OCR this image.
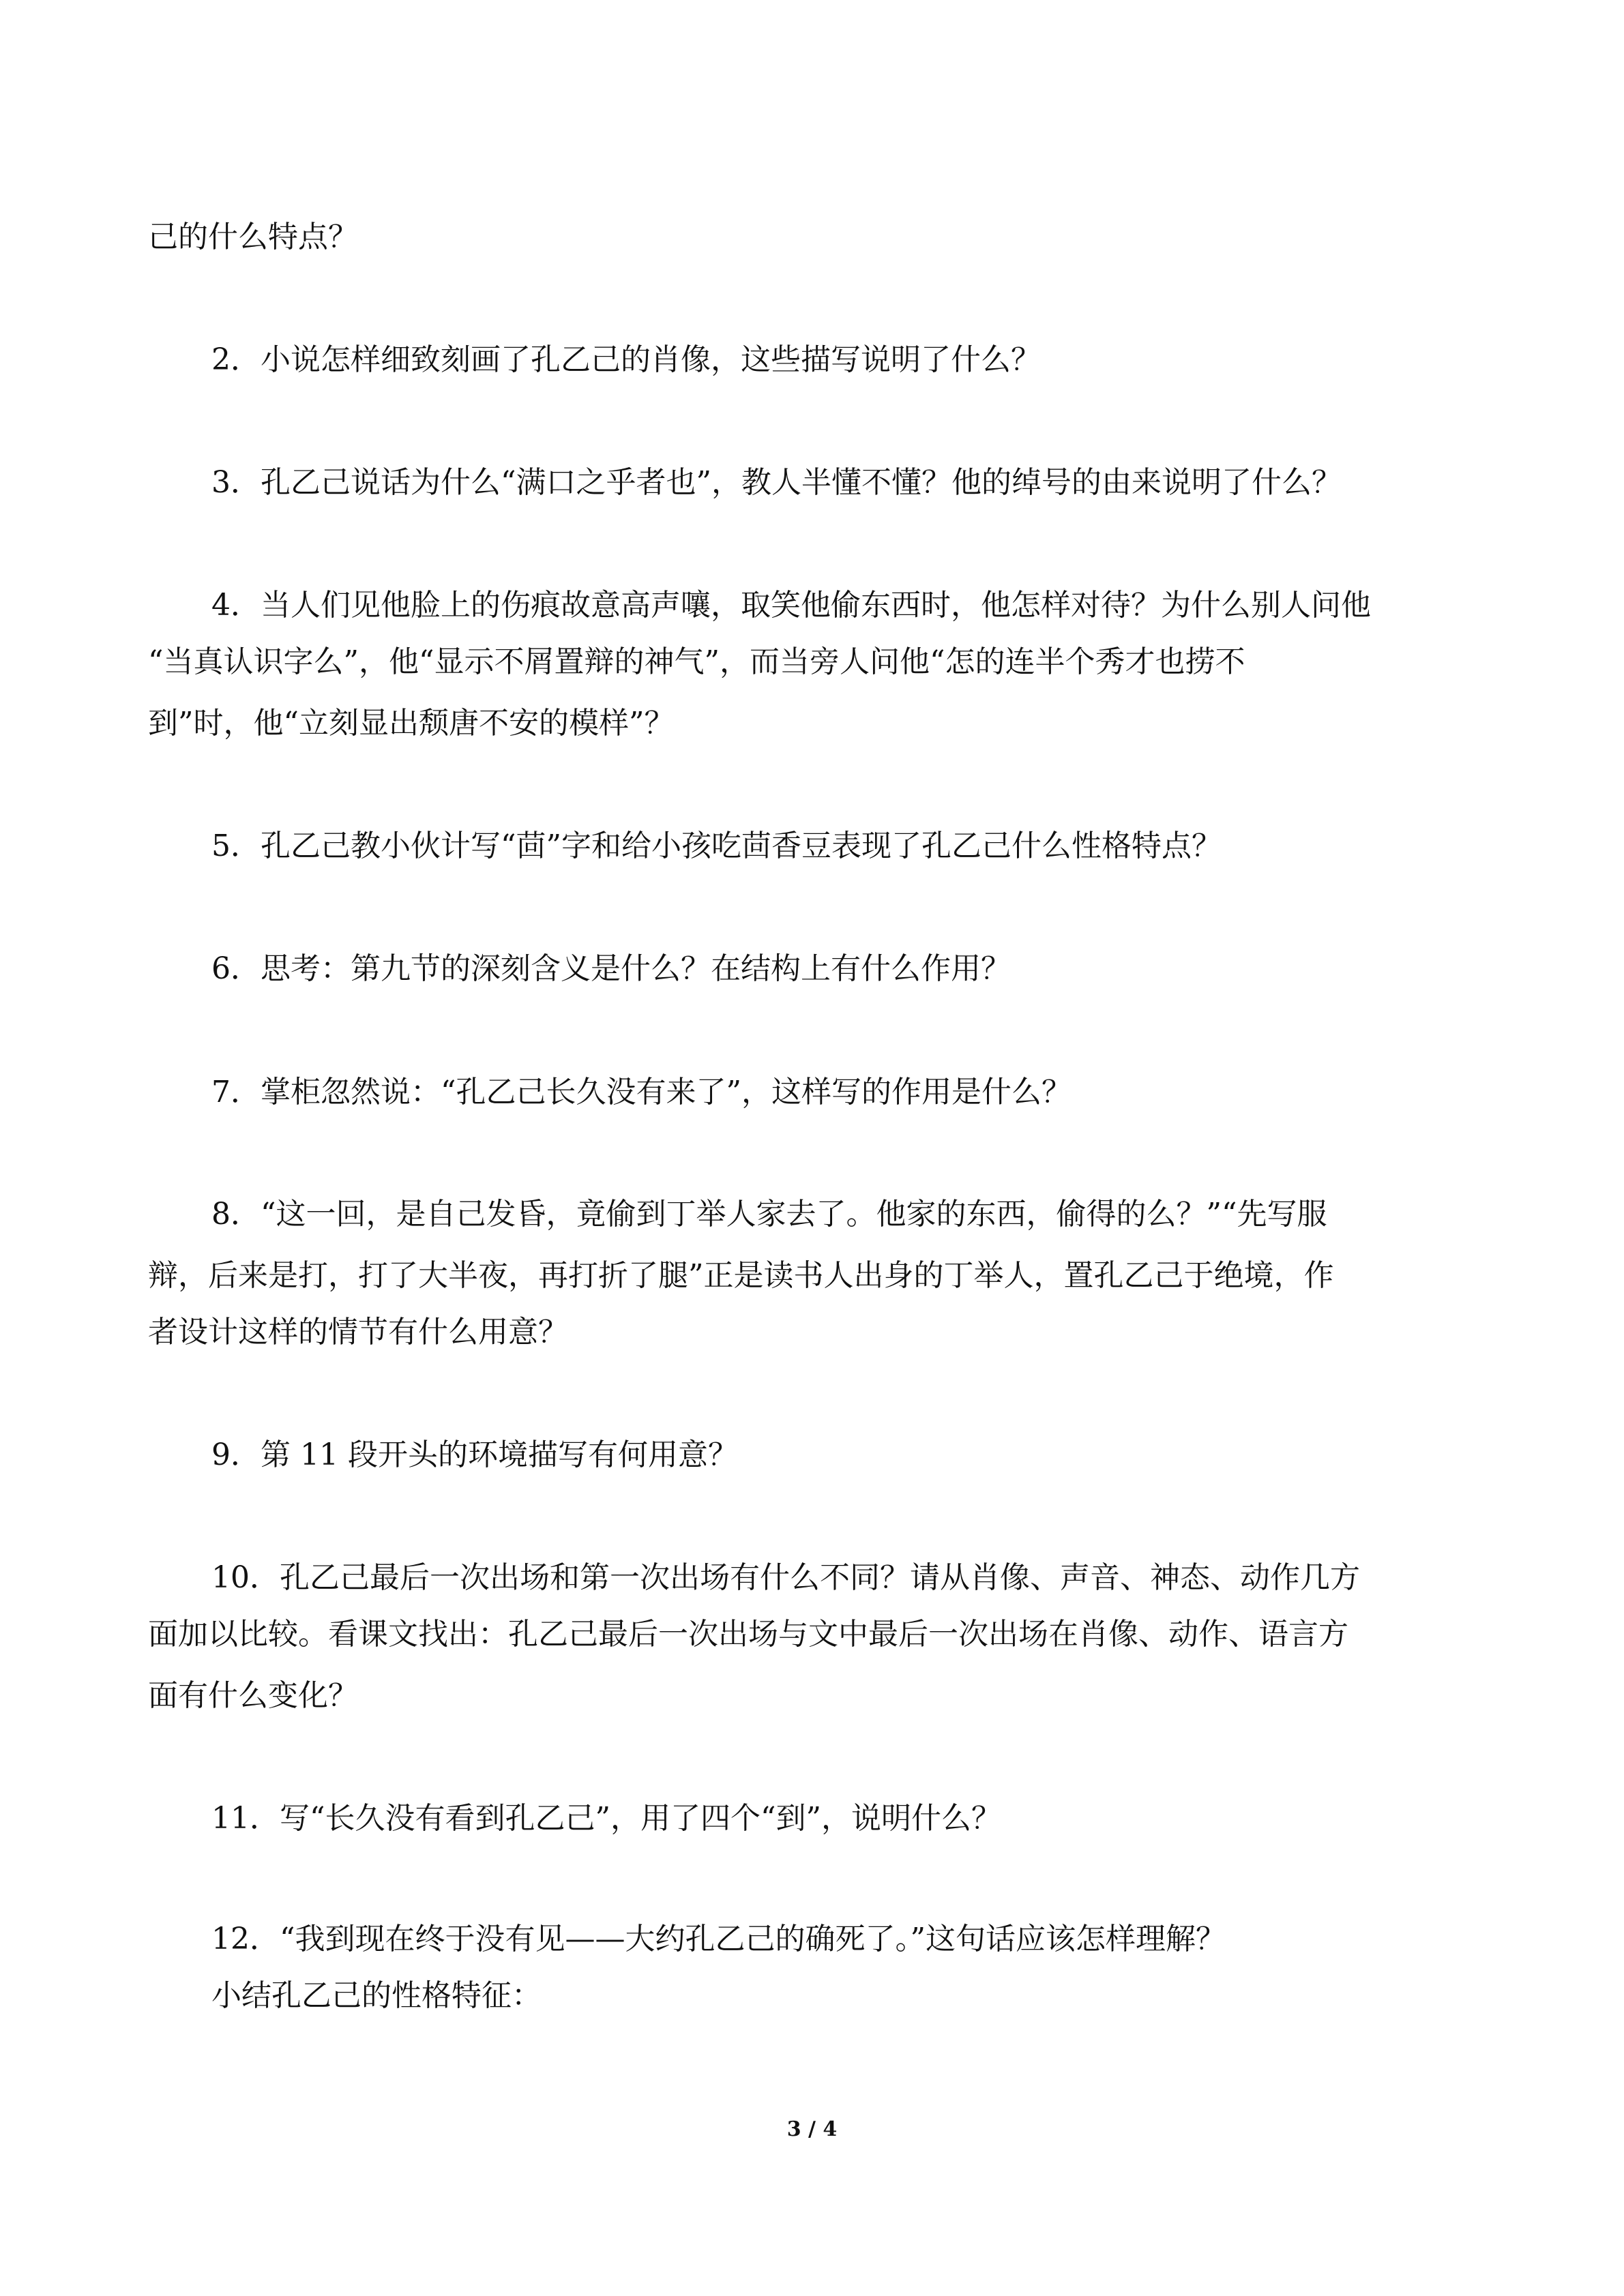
己的什么特点？

2．小说怎样细致刻画了孔乙己的肖像，这些描写说明了什么？

3．孔乙己说话为什么“满口之乎者也”，教人半懂不懂？他的绰号的由来说明了什么？

4．当人们见他脸上的伤痕故意高声嚷，取笑他偷东西时，他怎样对待？为什么别人问他

“当真认识字么”，他“显示不屑置辩的神气”，而当旁人问他“怎的连半个秀才也捞不

到”时，他“立刻显出颓唐不安的模样”？

5．孔乙己教小伙计写“茴”字和给小孩吃茴香豆表现了孔乙己什么性格特点？

6．思考：第九节的深刻含义是什么？在结构上有什么作用？

7．掌柜忽然说：“孔乙己长久没有来了”，这样写的作用是什么？

8．“这一回，是自己发昏，竟偷到丁举人家去了。他家的东西，偷得的么？”“先写服

辩，后来是打，打了大半夜，再打折了腿”正是读书人出身的丁举人，置孔乙己于绝境，作

者设计这样的情节有什么用意？

9．第 11 段开头的环境描写有何用意？

10．孔乙己最后一次出场和第一次出场有什么不同？请从肖像、声音、神态、动作几方

面加以比较。看课文找出：孔乙己最后一次出场与文中最后一次出场在肖像、动作、语言方

面有什么变化？

11．写“长久没有看到孔乙己”，用了四个“到”，说明什么？

12．“我到现在终于没有见——大约孔乙己的确死了。”这句话应该怎样理解？

小结孔乙己的性格特征：

3 / 4
